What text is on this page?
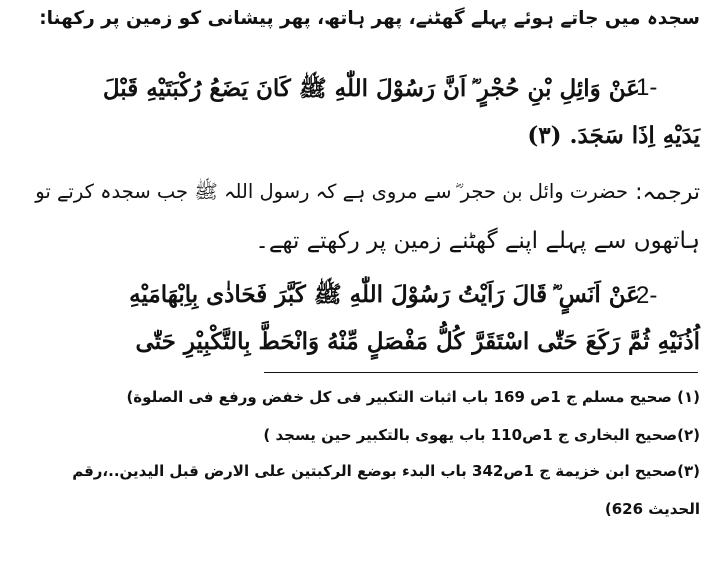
سجدہ میں جاتے ہوئے پہلے گھٹنے، پھر ہاتھ، پھر پیشانی کو زمین پر رکھنا:
1-
عَنْ وَائِلِ بْنِ حُجْرٍ ؓ اَنَّ رَسُوْلَ اللّٰهِ ﷺ كَانَ يَضَعُ رُكْبَتَيْهِ قَبْلَ
يَدَيْهِ اِذَا سَجَدَ. (٣)
ترجمہ:
حضرت وائل بن حجر ؓ سے مروی ہے کہ رسول اللہ ﷺ جب سجدہ کرتے تو
ہاتھوں سے پہلے اپنے گھٹنے زمین پر رکھتے تھے۔
2-
عَنْ اَنَسٍ ؓ قَالَ رَاَيْتُ رَسُوْلَ اللّٰهِ ﷺ كَبَّرَ فَحَاذٰى بِاِبْهَامَيْهِ
اُذُنَيْهِ ثُمَّ رَكَعَ حَتّٰى اسْتَقَرَّ كُلُّ مَفْصَلٍ مِّنْهُ وَانْحَطَّ بِالتَّكْبِيْرِ حَتّٰى
(١) صحيح مسلم ج 1ص 169 باب اثبات التكبير فى كل خفض ورفع فى الصلوة)
(٢)صحيح البخارى ج 1ص110 باب يهوى بالتكبير حين يسجد )
(٣)صحيح ابن خزيمة ج 1ص342 باب البدء بوضع الركبتين على الارض قبل اليدين..،رقم
الحديث 626)
